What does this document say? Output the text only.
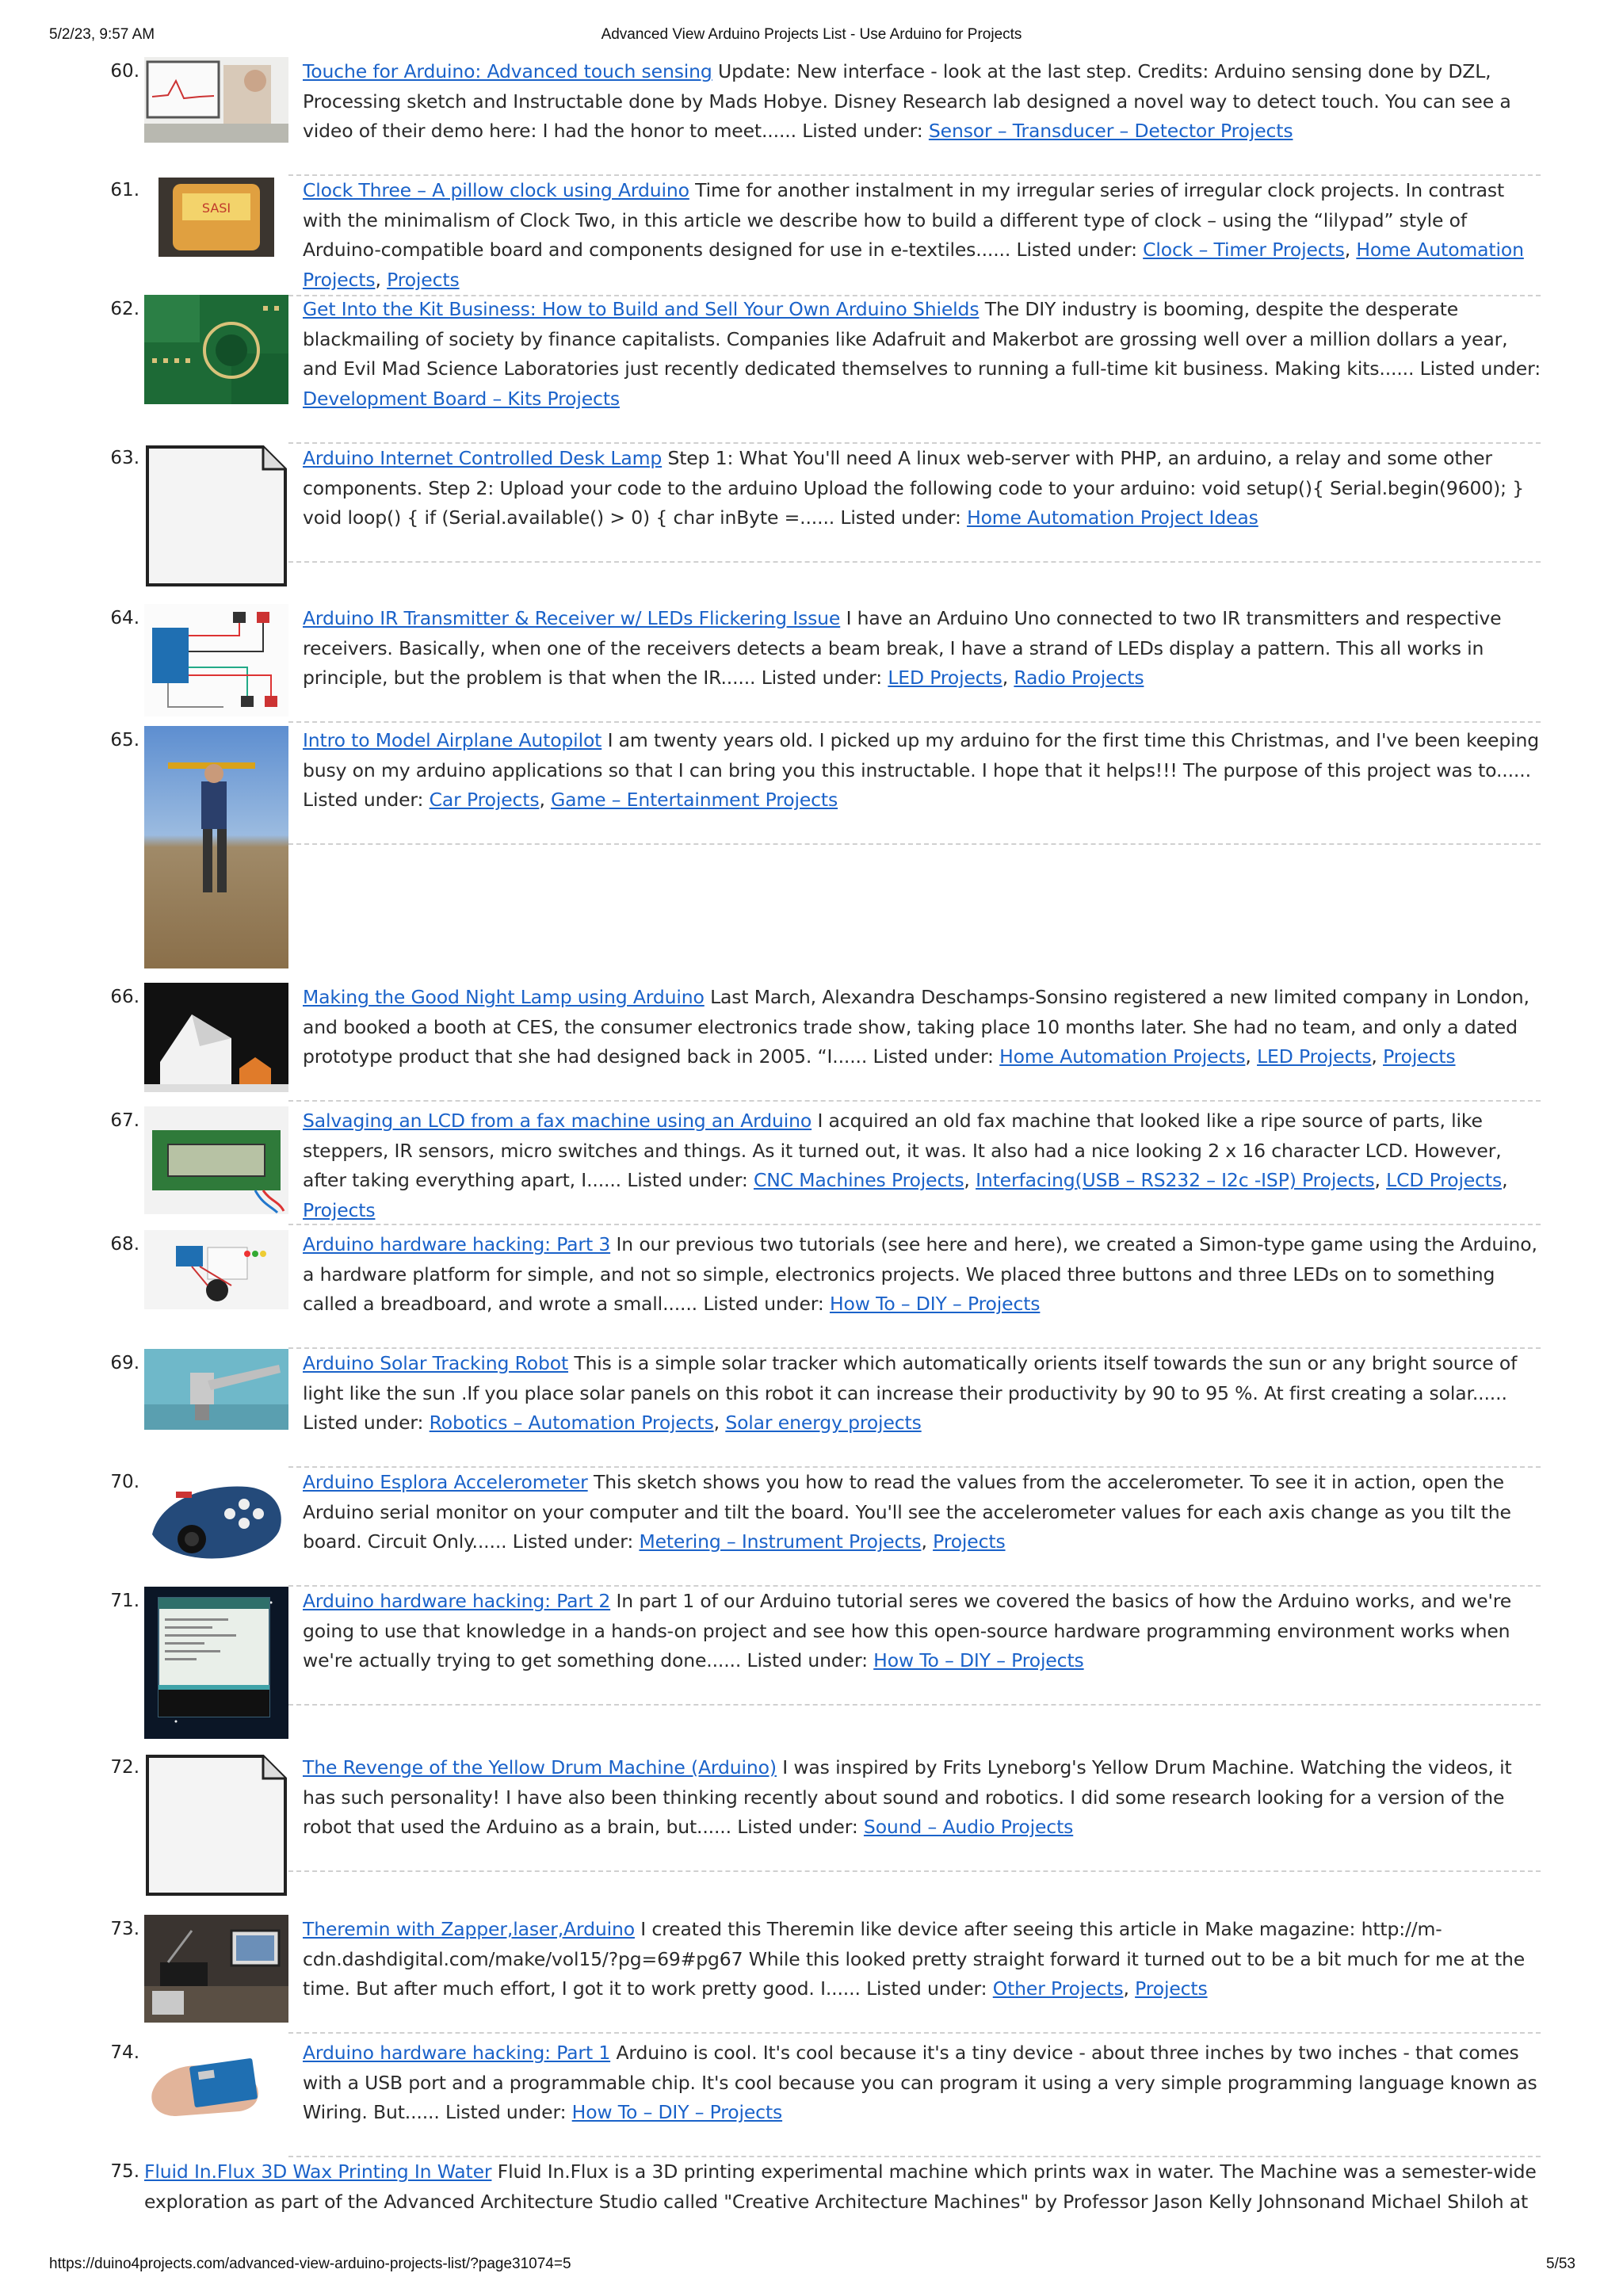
5/2/23, 9:57 AM	Advanced View Arduino Projects List - Use Arduino for Projects
60.	Touche for Arduino: Advanced touch sensing Update: New interface - look at the last step. Credits: Arduino sensing done by DZL, Processing sketch and Instructable done by Mads Hobye. Disney Research lab designed a novel way to detect touch. You can see a video of their demo here: I had the honor to meet...... Listed under: Sensor – Transducer – Detector Projects
61.
SASI
Clock Three – A pillow clock using Arduino Time for another instalment in my irregular series of irregular clock projects. In contrast with the minimalism of Clock Two, in this article we describe how to build a different type of clock – using the “lilypad” style of Arduino-compatible board and components designed for use in e-textiles...... Listed under: Clock – Timer Projects, Home Automation Projects, Projects
62.	Get Into the Kit Business: How to Build and Sell Your Own Arduino Shields The DIY industry is booming, despite the desperate blackmailing of society by finance capitalists. Companies like Adafruit and Makerbot are grossing well over a million dollars a year, and Evil Mad Science Laboratories just recently dedicated themselves to running a full-time kit business. Making kits...... Listed under: Development Board – Kits Projects
63.	Arduino Internet Controlled Desk Lamp Step 1: What You'll need A linux web-server with PHP, an arduino, a relay and some other components. Step 2: Upload your code to the arduino Upload the following code to your arduino: void setup(){ Serial.begin(9600); } void loop() { if (Serial.available() > 0) { char inByte =...... Listed under: Home Automation Project Ideas
64.	Arduino IR Transmitter & Receiver w/ LEDs Flickering Issue I have an Arduino Uno connected to two IR transmitters and respective receivers. Basically, when one of the receivers detects a beam break, I have a strand of LEDs display a pattern. This all works in principle, but the problem is that when the IR...... Listed under: LED Projects, Radio Projects
65.	Intro to Model Airplane Autopilot I am twenty years old. I picked up my arduino for the first time this Christmas, and I've been keeping busy on my arduino applications so that I can bring you this instructable. I hope that it helps!!! The purpose of this project was to...... Listed under: Car Projects, Game – Entertainment Projects
66.	Making the Good Night Lamp using Arduino Last March, Alexandra Deschamps-Sonsino registered a new limited company in London, and booked a booth at CES, the consumer electronics trade show, taking place 10 months later. She had no team, and only a dated prototype product that she had designed back in 2005. “I...... Listed under: Home Automation Projects, LED Projects, Projects
67.	Salvaging an LCD from a fax machine using an Arduino I acquired an old fax machine that looked like a ripe source of parts, like steppers, IR sensors, micro switches and things. As it turned out, it was. It also had a nice looking 2 x 16 character LCD. However, after taking everything apart, I...... Listed under: CNC Machines Projects, Interfacing(USB – RS232 – I2c -ISP) Projects, LCD Projects, Projects
68.	Arduino hardware hacking: Part 3 In our previous two tutorials (see here and here), we created a Simon-type game using the Arduino, a hardware platform for simple, and not so simple, electronics projects. We placed three buttons and three LEDs on to something called a breadboard, and wrote a small...... Listed under: How To – DIY – Projects
69.	Arduino Solar Tracking Robot This is a simple solar tracker which automatically orients itself towards the sun or any bright source of light like the sun .If you place solar panels on this robot it can increase their productivity by 90 to 95 %. At first creating a solar...... Listed under: Robotics – Automation Projects, Solar energy projects
70.	Arduino Esplora Accelerometer This sketch shows you how to read the values from the accelerometer. To see it in action, open the Arduino serial monitor on your computer and tilt the board. You'll see the accelerometer values for each axis change as you tilt the board. Circuit Only...... Listed under: Metering – Instrument Projects, Projects
71.	Arduino hardware hacking: Part 2 In part 1 of our Arduino tutorial seres we covered the basics of how the Arduino works, and we're going to use that knowledge in a hands-on project and see how this open-source hardware programming environment works when we're actually trying to get something done...... Listed under: How To – DIY – Projects
72.	The Revenge of the Yellow Drum Machine (Arduino) I was inspired by Frits Lyneborg's Yellow Drum Machine. Watching the videos, it has such personality! I have also been thinking recently about sound and robotics. I did some research looking for a version of the robot that used the Arduino as a brain, but...... Listed under: Sound – Audio Projects
73.	Theremin with Zapper,laser,Arduino I created this Theremin like device after seeing this article in Make magazine: http://m-cdn.dashdigital.com/make/vol15/?pg=69#pg67 While this looked pretty straight forward it turned out to be a bit much for me at the time. But after much effort, I got it to work pretty good. I...... Listed under: Other Projects, Projects
74.	Arduino hardware hacking: Part 1 Arduino is cool. It's cool because it's a tiny device - about three inches by two inches - that comes with a USB port and a programmable chip. It's cool because you can program it using a very simple programming language known as Wiring. But...... Listed under: How To – DIY – Projects
75. Fluid In.Flux 3D Wax Printing In Water Fluid In.Flux is a 3D printing experimental machine which prints wax in water. The Machine was a semester-wide exploration as part of the Advanced Architecture Studio called "Creative Architecture Machines" by Professor Jason Kelly Johnsonand Michael Shiloh at
https://duino4projects.com/advanced-view-arduino-projects-list/?page31074=5	5/53
